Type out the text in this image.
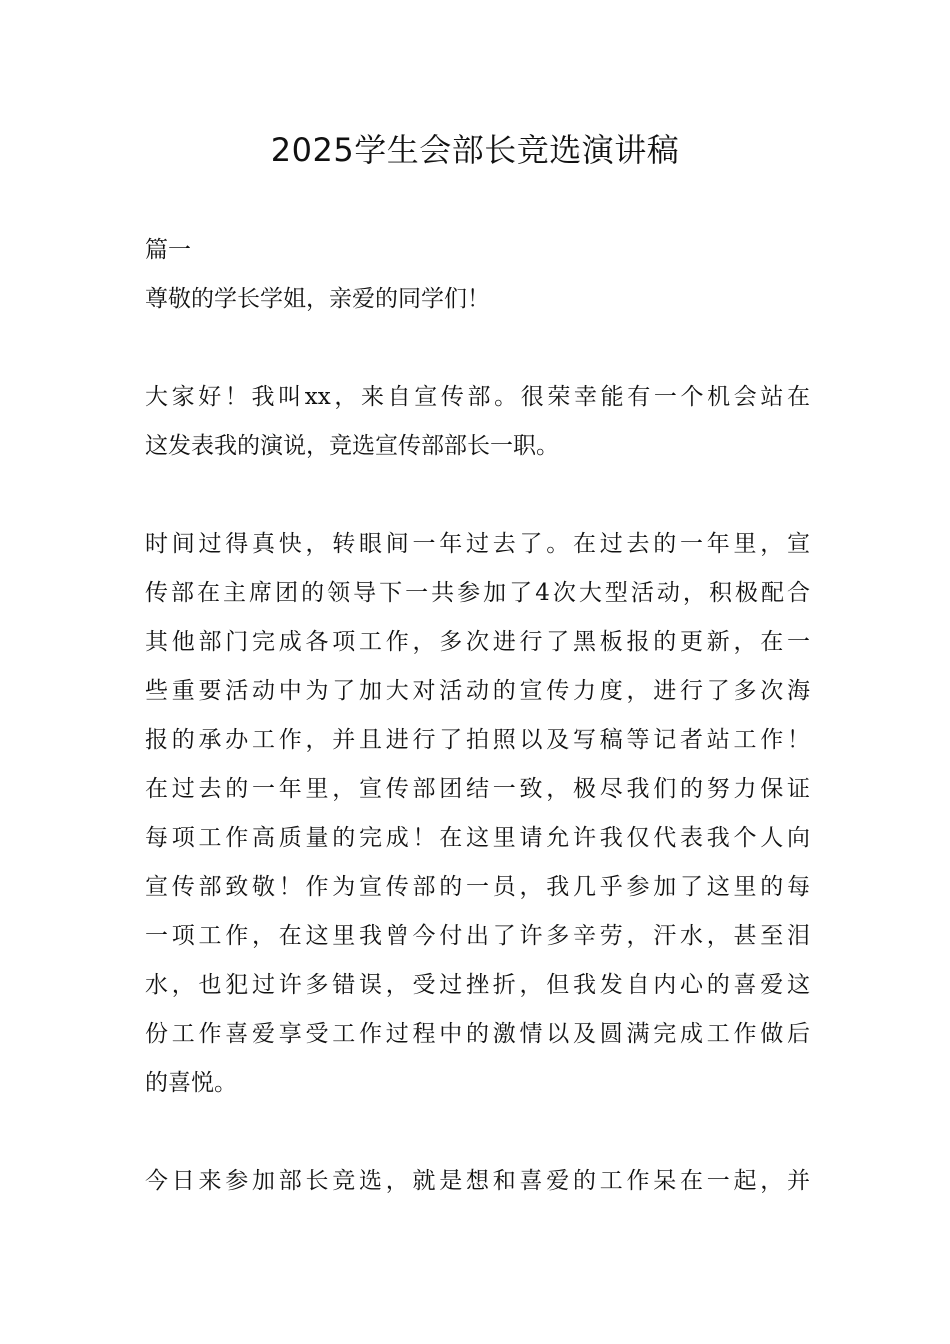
2025学生会部长竞选演讲稿
篇一
尊敬的学长学姐，亲爱的同学们！

大家好！我叫xx，来自宣传部。很荣幸能有一个机会站在
这发表我的演说，竞选宣传部部长一职。

时间过得真快，转眼间一年过去了。在过去的一年里，宣
传部在主席团的领导下一共参加了4次大型活动，积极配合
其他部门完成各项工作，多次进行了黑板报的更新，在一
些重要活动中为了加大对活动的宣传力度，进行了多次海
报的承办工作，并且进行了拍照以及写稿等记者站工作！
在过去的一年里，宣传部团结一致，极尽我们的努力保证
每项工作高质量的完成！在这里请允许我仅代表我个人向
宣传部致敬！作为宣传部的一员，我几乎参加了这里的每
一项工作，在这里我曾今付出了许多辛劳，汗水，甚至泪
水，也犯过许多错误，受过挫折，但我发自内心的喜爱这
份工作喜爱享受工作过程中的激情以及圆满完成工作做后
的喜悦。

今日来参加部长竞选，就是想和喜爱的工作呆在一起，并
